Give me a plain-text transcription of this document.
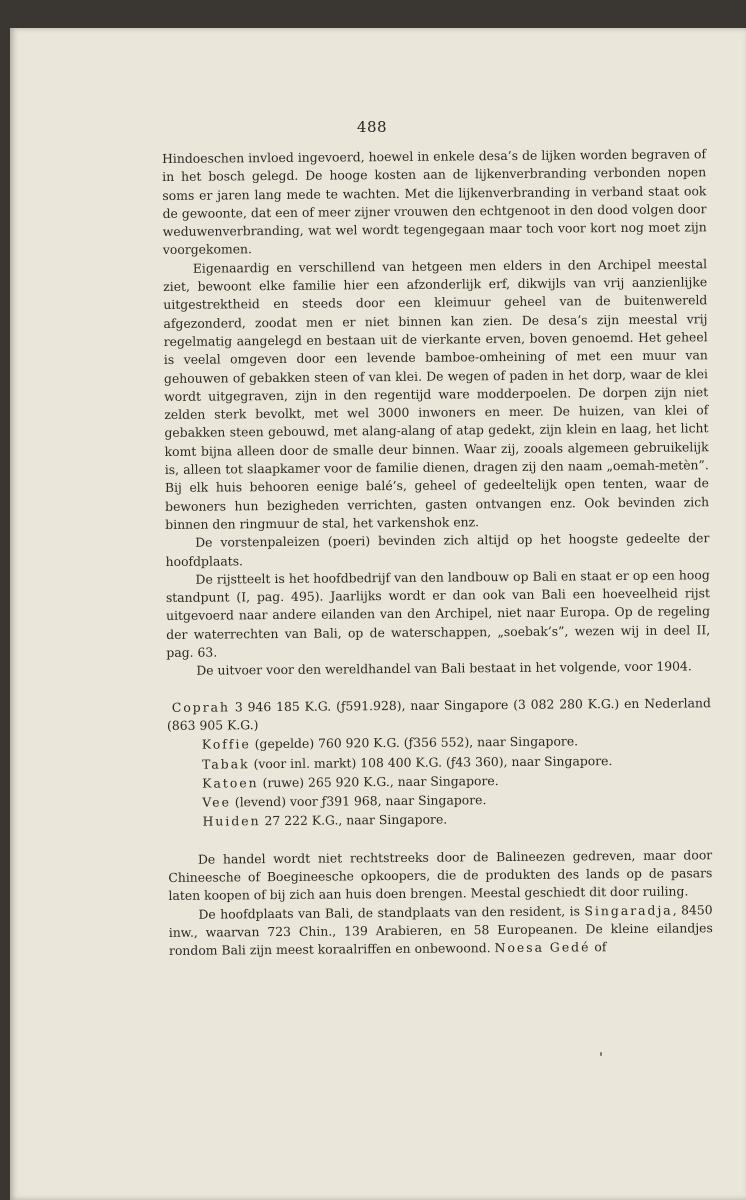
488

Hindoeschen invloed ingevoerd, hoewel in enkele desa’s de lijken worden begraven of in het bosch gelegd. De hooge kosten aan de lijkenverbranding verbonden nopen soms er jaren lang mede te wachten. Met die lijkenverbranding in verband staat ook de gewoonte, dat een of meer zijner vrouwen den echtgenoot in den dood volgen door weduwenverbranding, wat wel wordt tegengegaan maar toch voor kort nog moet zijn voorgekomen.

Eigenaardig en verschillend van hetgeen men elders in den Archipel meestal ziet, bewoont elke familie hier een afzonderlijk erf, dikwijls van vrij aanzienlijke uitgestrektheid en steeds door een kleimuur geheel van de buitenwereld afgezonderd, zoodat men er niet binnen kan zien. De desa’s zijn meestal vrij regelmatig aangelegd en bestaan uit de vierkante erven, boven genoemd. Het geheel is veelal omgeven door een levende bamboe-omheining of met een muur van gehouwen of gebakken steen of van klei. De wegen of paden in het dorp, waar de klei wordt uitgegraven, zijn in den regentijd ware modderpoelen. De dorpen zijn niet zelden sterk bevolkt, met wel 3000 inwoners en meer. De huizen, van klei of gebakken steen gebouwd, met alang-alang of atap gedekt, zijn klein en laag, het licht komt bijna alleen door de smalle deur binnen. Waar zij, zooals algemeen gebruikelijk is, alleen tot slaapkamer voor de familie dienen, dragen zij den naam „oemah-metèn”. Bij elk huis behooren eenige balé’s, geheel of gedeeltelijk open tenten, waar de bewoners hun bezigheden verrichten, gasten ontvangen enz. Ook bevinden zich binnen den ringmuur de stal, het varkenshok enz.

De vorstenpaleizen (poeri) bevinden zich altijd op het hoogste gedeelte der hoofdplaats.

De rijstteelt is het hoofdbedrijf van den landbouw op Bali en staat er op een hoog standpunt (I, pag. 495). Jaarlijks wordt er dan ook van Bali een hoeveelheid rijst uitgevoerd naar andere eilanden van den Archipel, niet naar Europa. Op de regeling der waterrechten van Bali, op de waterschappen, „soebak’s”, wezen wij in deel II, pag. 63.

De uitvoer voor den wereldhandel van Bali bestaat in het volgende, voor 1904.

Coprah 3 946 185 K.G. (ƒ591.928), naar Singapore (3 082 280 K.G.) en Nederland (863 905 K.G.)

Koffie (gepelde) 760 920 K.G. (ƒ356 552), naar Singapore.

Tabak (voor inl. markt) 108 400 K.G. (ƒ43 360), naar Singapore.

Katoen (ruwe) 265 920 K.G., naar Singapore.

Vee (levend) voor ƒ391 968, naar Singapore.

Huiden 27 222 K.G., naar Singapore.

De handel wordt niet rechtstreeks door de Balineezen gedreven, maar door Chineesche of Boegineesche opkoopers, die de produkten des lands op de pasars laten koopen of bij zich aan huis doen brengen. Meestal geschiedt dit door ruiling.

De hoofdplaats van Bali, de standplaats van den resident, is Singaradja, 8450 inw., waarvan 723 Chin., 139 Arabieren, en 58 Europeanen. De kleine eilandjes rondom Bali zijn meest koraalriffen en onbewoond. Noesa Gedé of
